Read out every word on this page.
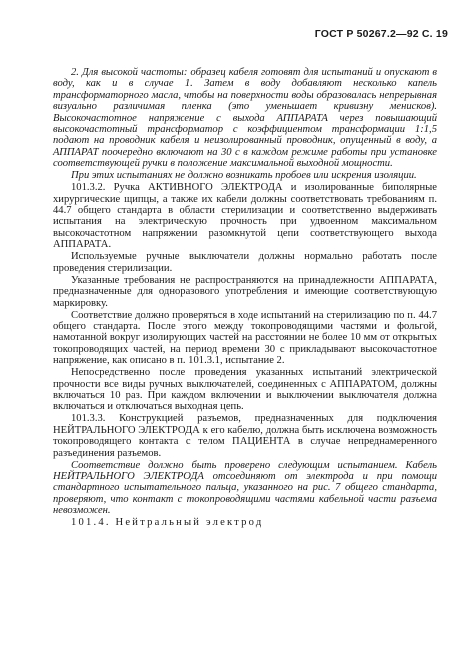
ГОСТ Р 50267.2—92 С. 19

2. Для высокой частоты: образец кабеля готовят для испытаний и опускают в воду, как и в случае 1. Затем в воду добавляют несколько капель трансформаторного масла, чтобы на поверхности воды образовалась непрерывная визуально различимая пленка (это уменьшает кривизну менисков). Высокочастотное напряжение с выхода АППАРАТА через повышающий высокочастотный трансформатор с коэффициентом трансформации 1:1,5 подают на проводник кабеля и неизолированный проводник, опущенный в воду, а АППАРАТ поочередно включают на 30 с в каждом режиме работы при установке соответствующей ручки в положение максимальной выходной мощности.

При этих испытаниях не должно возникать пробоев или искрения изоляции.

101.3.2. Ручка АКТИВНОГО ЭЛЕКТРОДА и изолированные биполярные хирургические щипцы, а также их кабели должны соответствовать требованиям п. 44.7 общего стандарта в области стерилизации и соответственно выдерживать испытания на электрическую прочность при удвоенном максимальном высокочастотном напряжении разомкнутой цепи соответствующего выхода АППАРАТА.

Используемые ручные выключатели должны нормально работать после проведения стерилизации.

Указанные требования не распространяются на принадлежности АППАРАТА, предназначенные для одноразового употребления и имеющие соответствующую маркировку.

Соответствие должно проверяться в ходе испытаний на стерилизацию по п. 44.7 общего стандарта. После этого между токопроводящими частями и фольгой, намотанной вокруг изолирующих частей на расстоянии не более 10 мм от открытых токопроводящих частей, на период времени 30 с прикладывают высокочастотное напряжение, как описано в п. 101.3.1, испытание 2.

Непосредственно после проведения указанных испытаний электрической прочности все виды ручных выключателей, соединенных с АППАРАТОМ, должны включаться 10 раз. При каждом включении и выключении выключателя должна включаться и отключаться выходная цепь.

101.3.3. Конструкцией разъемов, предназначенных для подключения НЕЙТРАЛЬНОГО ЭЛЕКТРОДА к его кабелю, должна быть исключена возможность токопроводящего контакта с телом ПАЦИЕНТА в случае непреднамеренного разъединения разъемов.

Соответствие должно быть проверено следующим испытанием. Кабель НЕЙТРАЛЬНОГО ЭЛЕКТРОДА отсоединяют от электрода и при помощи стандартного испытательного пальца, указанного на рис. 7 общего стандарта, проверяют, что контакт с токопроводящими частями кабельной части разъема невозможен.

101.4. Нейтральный электрод
